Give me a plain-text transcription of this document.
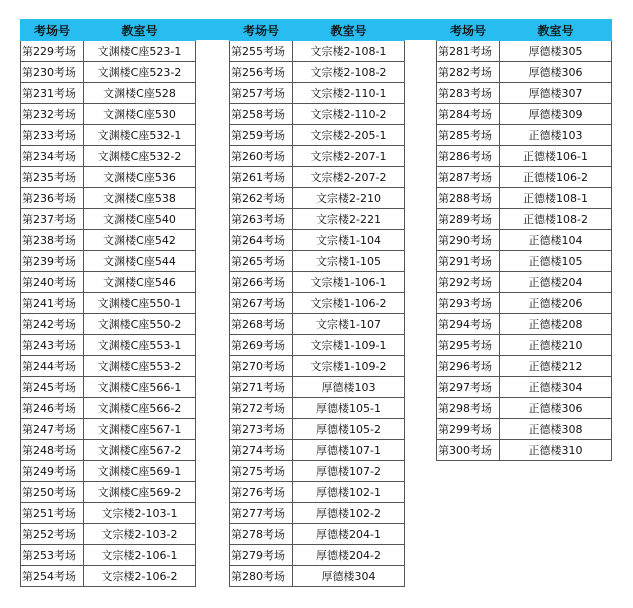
考场号	教室号
第229考场	文渊楼C座523-1
第230考场	文渊楼C座523-2
第231考场	文渊楼C座528
第232考场	文渊楼C座530
第233考场	文渊楼C座532-1
第234考场	文渊楼C座532-2
第235考场	文渊楼C座536
第236考场	文渊楼C座538
第237考场	文渊楼C座540
第238考场	文渊楼C座542
第239考场	文渊楼C座544
第240考场	文渊楼C座546
第241考场	文渊楼C座550-1
第242考场	文渊楼C座550-2
第243考场	文渊楼C座553-1
第244考场	文渊楼C座553-2
第245考场	文渊楼C座566-1
第246考场	文渊楼C座566-2
第247考场	文渊楼C座567-1
第248考场	文渊楼C座567-2
第249考场	文渊楼C座569-1
第250考场	文渊楼C座569-2
第251考场	文宗楼2-103-1
第252考场	文宗楼2-103-2
第253考场	文宗楼2-106-1
第254考场	文宗楼2-106-2
考场号	教室号
第255考场	文宗楼2-108-1
第256考场	文宗楼2-108-2
第257考场	文宗楼2-110-1
第258考场	文宗楼2-110-2
第259考场	文宗楼2-205-1
第260考场	文宗楼2-207-1
第261考场	文宗楼2-207-2
第262考场	文宗楼2-210
第263考场	文宗楼2-221
第264考场	文宗楼1-104
第265考场	文宗楼1-105
第266考场	文宗楼1-106-1
第267考场	文宗楼1-106-2
第268考场	文宗楼1-107
第269考场	文宗楼1-109-1
第270考场	文宗楼1-109-2
第271考场	厚德楼103
第272考场	厚德楼105-1
第273考场	厚德楼105-2
第274考场	厚德楼107-1
第275考场	厚德楼107-2
第276考场	厚德楼102-1
第277考场	厚德楼102-2
第278考场	厚德楼204-1
第279考场	厚德楼204-2
第280考场	厚德楼304
考场号	教室号
第281考场	厚德楼305
第282考场	厚德楼306
第283考场	厚德楼307
第284考场	厚德楼309
第285考场	正德楼103
第286考场	正德楼106-1
第287考场	正德楼106-2
第288考场	正德楼108-1
第289考场	正德楼108-2
第290考场	正德楼104
第291考场	正德楼105
第292考场	正德楼204
第293考场	正德楼206
第294考场	正德楼208
第295考场	正德楼210
第296考场	正德楼212
第297考场	正德楼304
第298考场	正德楼306
第299考场	正德楼308
第300考场	正德楼310
